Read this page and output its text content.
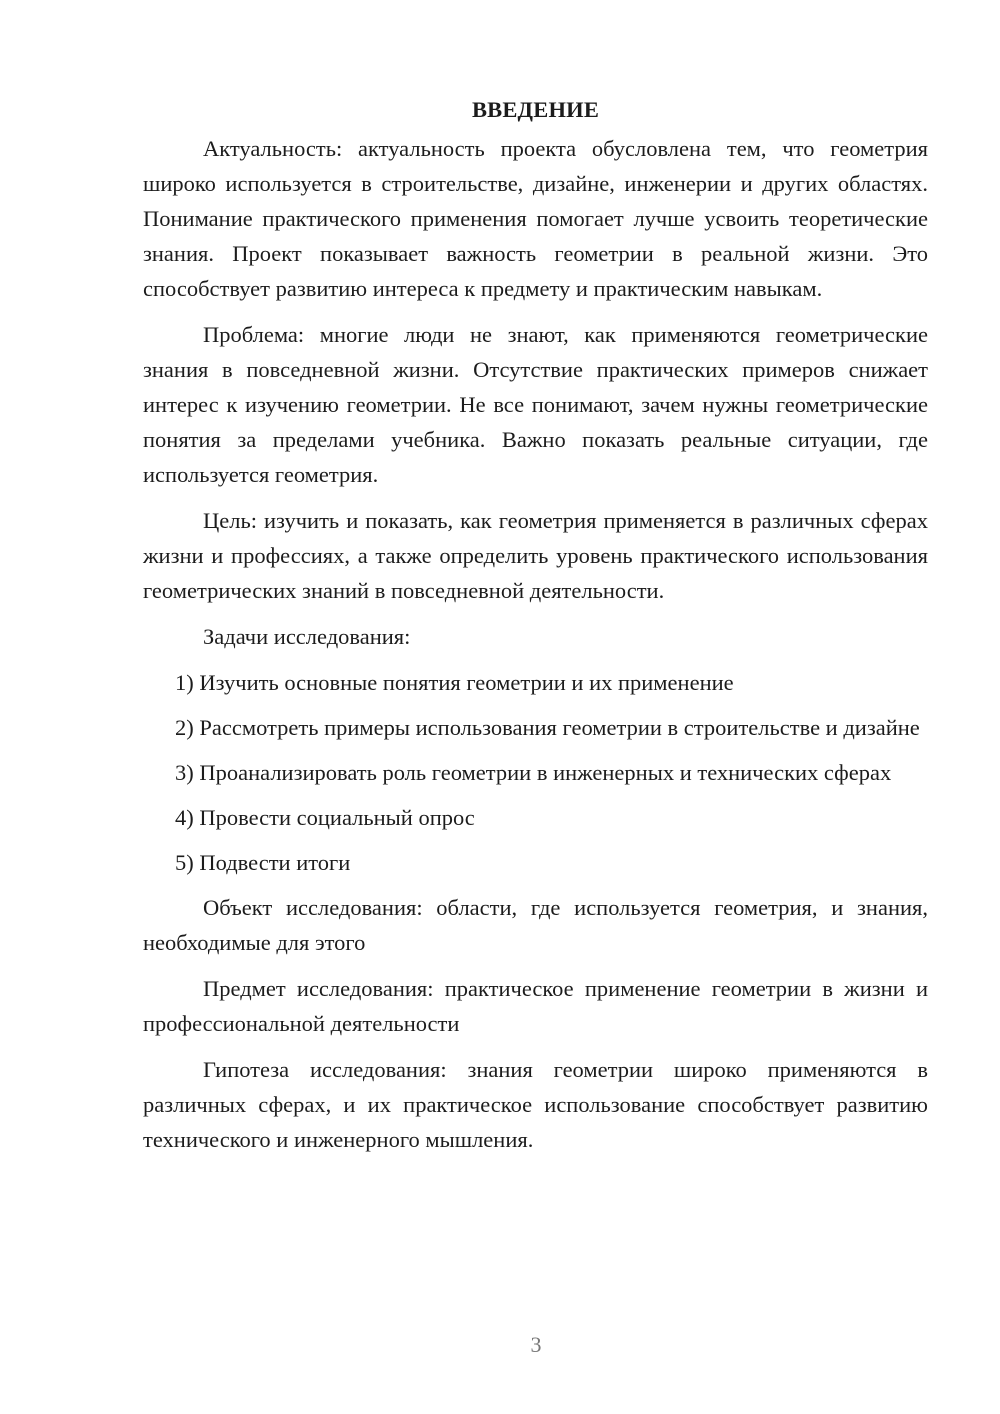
ВВЕДЕНИЕ

Актуальность: актуальность проекта обусловлена тем, что геометрия широко используется в строительстве, дизайне, инженерии и других областях. Понимание практического применения помогает лучше усвоить теоретические знания. Проект показывает важность геометрии в реальной жизни. Это способствует развитию интереса к предмету и практическим навыкам.

Проблема: многие люди не знают, как применяются геометрические знания в повседневной жизни. Отсутствие практических примеров снижает интерес к изучению геометрии. Не все понимают, зачем нужны геометрические понятия за пределами учебника. Важно показать реальные ситуации, где используется геометрия.

Цель: изучить и показать, как геометрия применяется в различных сферах жизни и профессиях, а также определить уровень практического использования геометрических знаний в повседневной деятельности.

Задачи исследования:

1) Изучить основные понятия геометрии и их применение

2) Рассмотреть примеры использования геометрии в строительстве и дизайне

3) Проанализировать роль геометрии в инженерных и технических сферах

4) Провести социальный опрос

5) Подвести итоги

Объект исследования: области, где используется геометрия, и знания, необходимые для этого

Предмет исследования: практическое применение геометрии в жизни и профессиональной деятельности

Гипотеза исследования: знания геометрии широко применяются в различных сферах, и их практическое использование способствует развитию технического и инженерного мышления.

3
